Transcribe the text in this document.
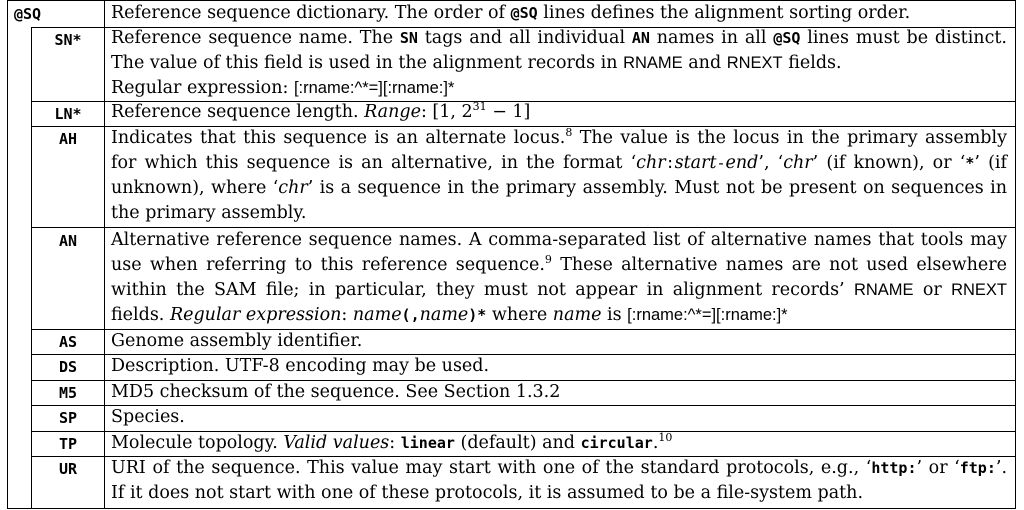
@SQ	Reference sequence dictionary. The order of @SQ lines defines the alignment sorting order.
SN*	Reference sequence name. The SN tags and all individual AN names in all @SQ lines must be distinct. The value of this field is used in the alignment records in RNAME and RNEXT fields.
Regular expression: [:rname:^*=][:rname:]*
LN*	Reference sequence length. Range: [1, $2^{31} - 1$]
AH	Indicates that this sequence is an alternate locus.$^8$ The value is the locus in the primary assembly for which this sequence is an alternative, in the format ‘chr:start-end’, ‘chr’ (if known), or ‘*’ (if unknown), where ‘chr’ is a sequence in the primary assembly. Must not be present on sequences in the primary assembly.
AN	Alternative reference sequence names. A comma-separated list of alternative names that tools may use when referring to this reference sequence.$^9$ These alternative names are not used elsewhere within the SAM file; in particular, they must not appear in alignment records’ RNAME or RNEXT fields. Regular expression: name(,name)* where name is [:rname:^*=][:rname:]*
AS	Genome assembly identifier.
DS	Description. UTF-8 encoding may be used.
M5	MD5 checksum of the sequence. See Section 1.3.2
SP	Species.
TP	Molecule topology. Valid values: linear (default) and circular.$^{10}$
UR	URI of the sequence. This value may start with one of the standard protocols, e.g., ‘http:’ or ‘ftp:’. If it does not start with one of these protocols, it is assumed to be a file-system path.
